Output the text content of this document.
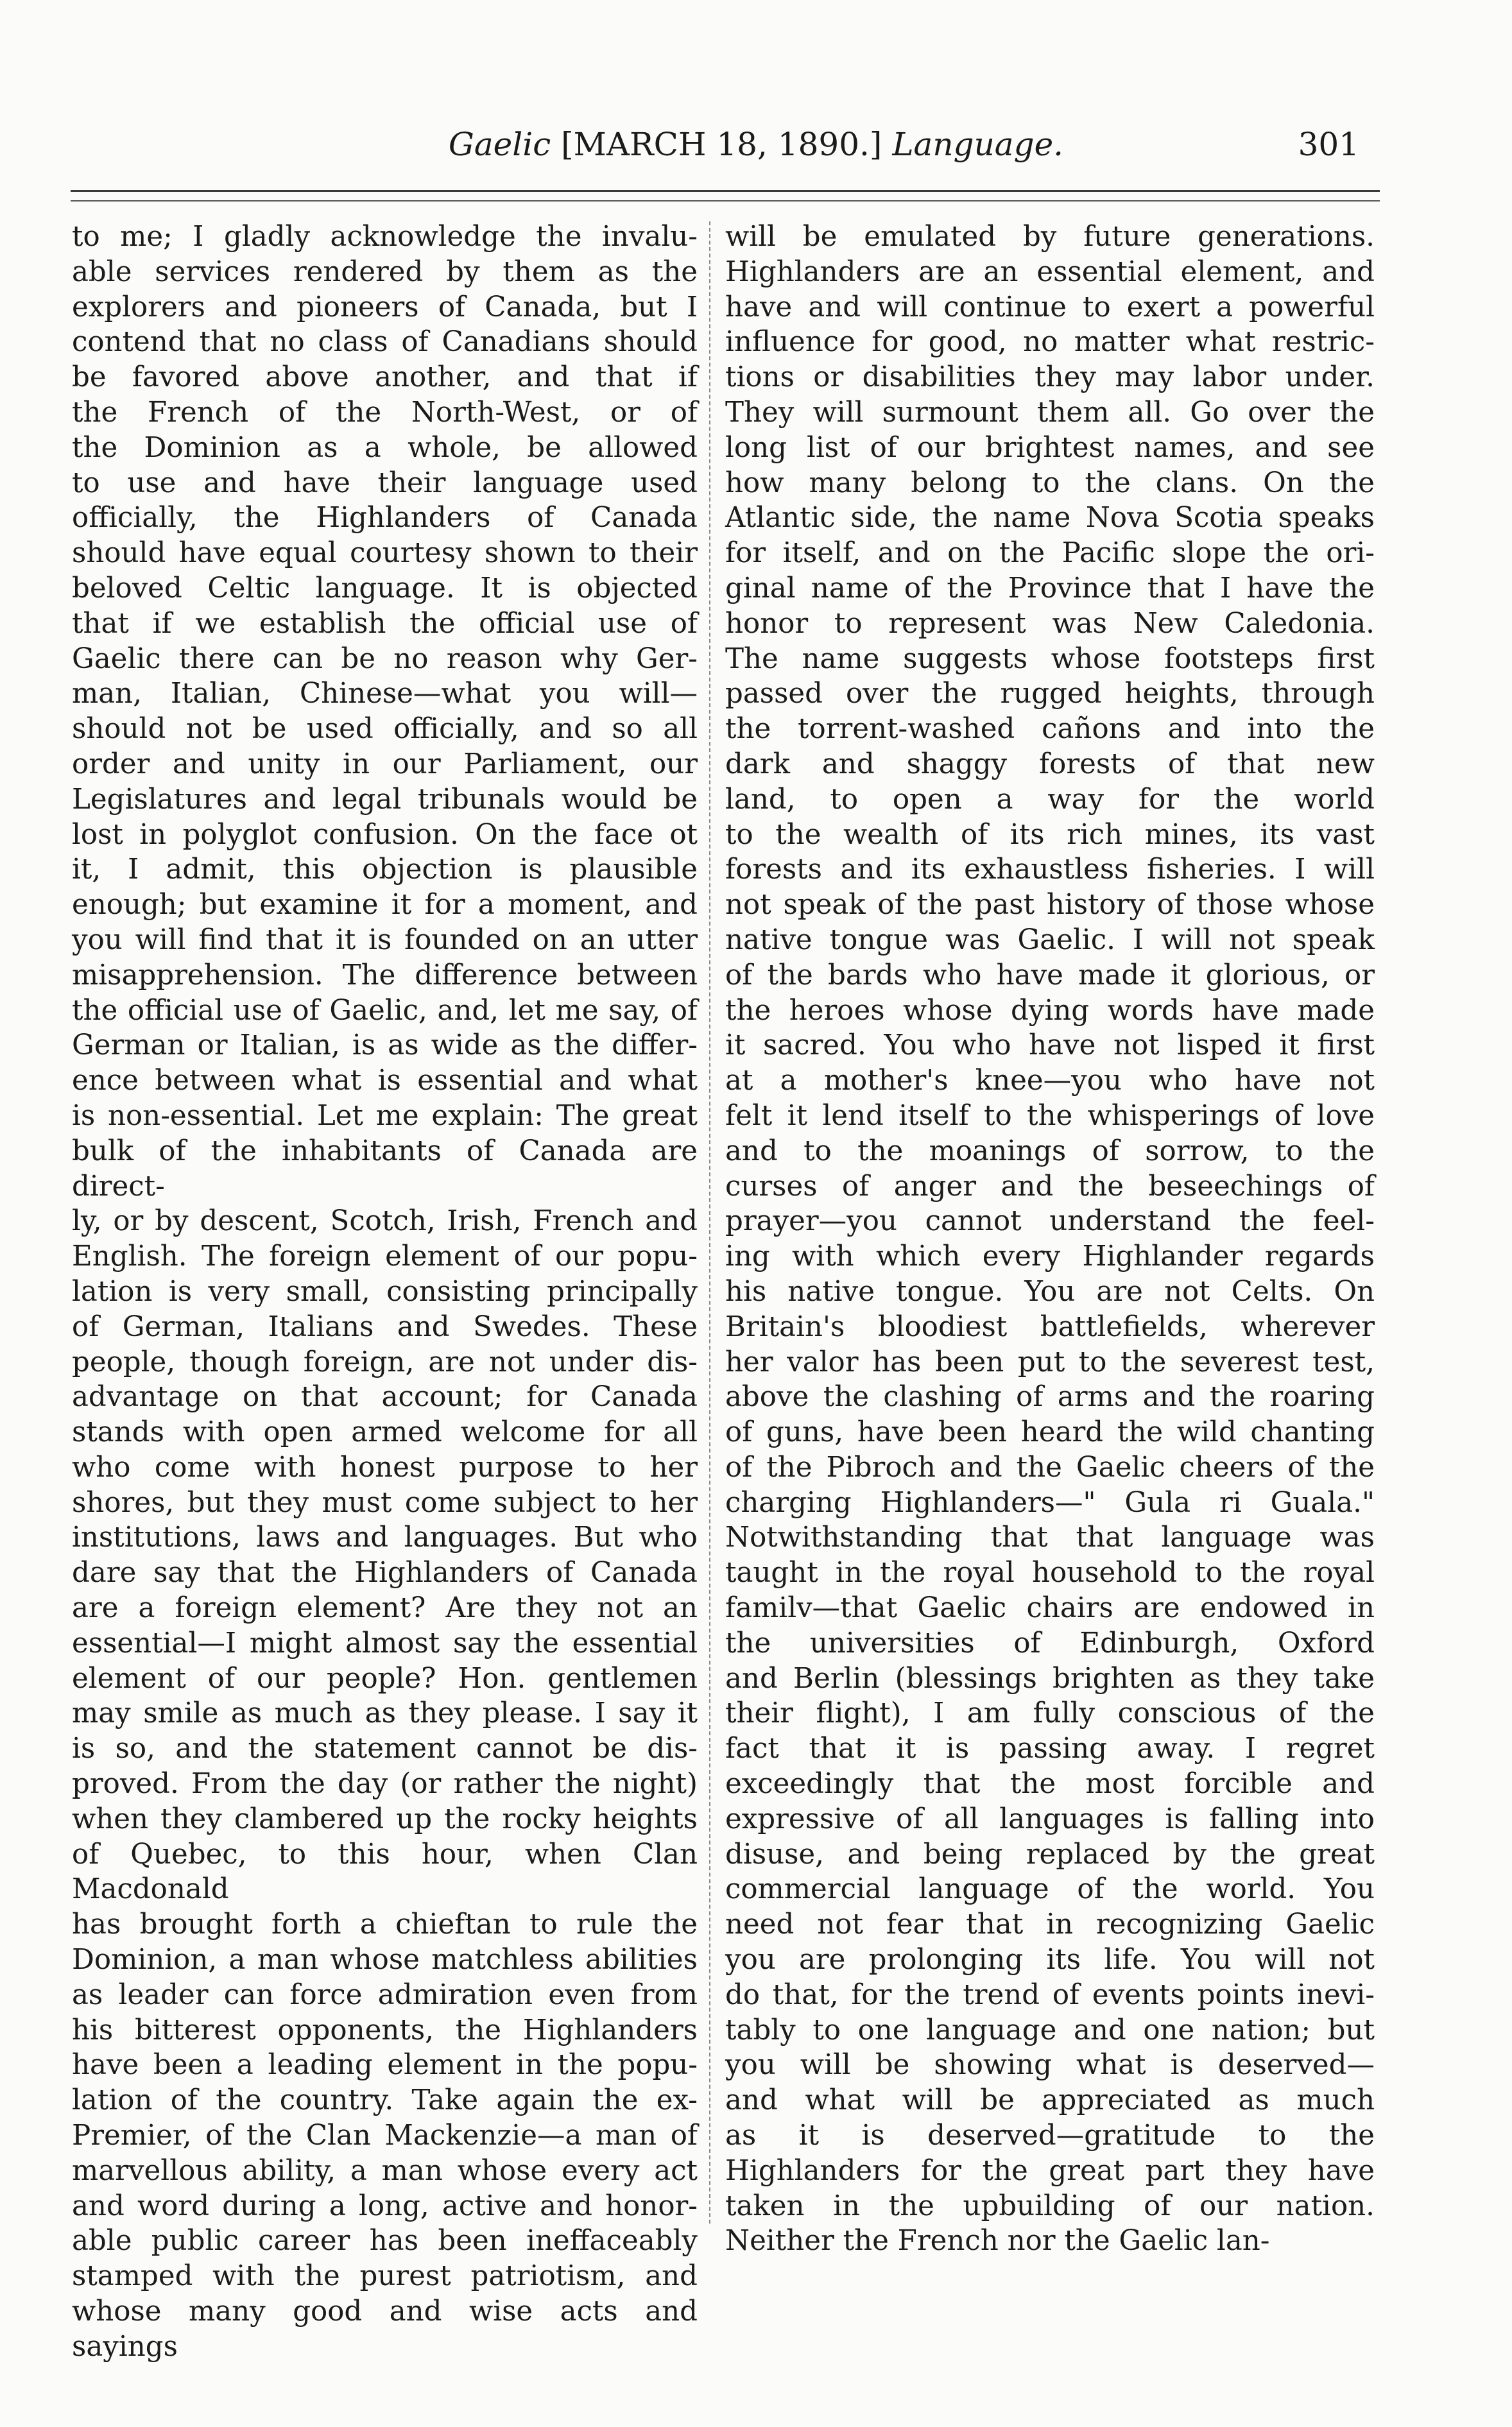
Gaelic [MARCH 18, 1890.] Language.	301

to me; I gladly acknowledge the invalu-

able services rendered by them as the

explorers and pioneers of Canada, but I

contend that no class of Canadians should

be favored above another, and that if

the French of the North-West, or of

the Dominion as a whole, be allowed

to use and have their language used

officially, the Highlanders of Canada

should have equal courtesy shown to their

beloved Celtic language. It is objected

that if we establish the official use of

Gaelic there can be no reason why Ger-

man, Italian, Chinese—what you will—

should not be used officially, and so all

order and unity in our Parliament, our

Legislatures and legal tribunals would be

lost in polyglot confusion. On the face ot

it, I admit, this objection is plausible

enough; but examine it for a moment, and

you will find that it is founded on an utter

misapprehension. The difference between

the official use of Gaelic, and, let me say, of

German or Italian, is as wide as the differ-

ence between what is essential and what

is non-essential. Let me explain: The great

bulk of the inhabitants of Canada are direct-

ly, or by descent, Scotch, Irish, French and

English. The foreign element of our popu-

lation is very small, consisting principally

of German, Italians and Swedes. These

people, though foreign, are not under dis-

advantage on that account; for Canada

stands with open armed welcome for all

who come with honest purpose to her

shores, but they must come subject to her

institutions, laws and languages. But who

dare say that the Highlanders of Canada

are a foreign element? Are they not an

essential—I might almost say the essential

element of our people? Hon. gentlemen

may smile as much as they please. I say it

is so, and the statement cannot be dis-

proved. From the day (or rather the night)

when they clambered up the rocky heights

of Quebec, to this hour, when Clan Macdonald

has brought forth a chieftan to rule the

Dominion, a man whose matchless abilities

as leader can force admiration even from

his bitterest opponents, the Highlanders

have been a leading element in the popu-

lation of the country. Take again the ex-

Premier, of the Clan Mackenzie—a man of

marvellous ability, a man whose every act

and word during a long, active and honor-

able public career has been ineffaceably

stamped with the purest patriotism, and

whose many good and wise acts and sayings

will be emulated by future generations.

Highlanders are an essential element, and

have and will continue to exert a powerful

influence for good, no matter what restric-

tions or disabilities they may labor under.

They will surmount them all. Go over the

long list of our brightest names, and see

how many belong to the clans. On the

Atlantic side, the name Nova Scotia speaks

for itself, and on the Pacific slope the ori-

ginal name of the Province that I have the

honor to represent was New Caledonia.

The name suggests whose footsteps first

passed over the rugged heights, through

the torrent-washed cañons and into the

dark and shaggy forests of that new

land, to open a way for the world

to the wealth of its rich mines, its vast

forests and its exhaustless fisheries. I will

not speak of the past history of those whose

native tongue was Gaelic. I will not speak

of the bards who have made it glorious, or

the heroes whose dying words have made

it sacred. You who have not lisped it first

at a mother's knee—you who have not

felt it lend itself to the whisperings of love

and to the moanings of sorrow, to the

curses of anger and the beseechings of

prayer—you cannot understand the feel-

ing with which every Highlander regards

his native tongue. You are not Celts. On

Britain's bloodiest battlefields, wherever

her valor has been put to the severest test,

above the clashing of arms and the roaring

of guns, have been heard the wild chanting

of the Pibroch and the Gaelic cheers of the

charging Highlanders—" Gula ri Guala."

Notwithstanding that that language was

taught in the royal household to the royal

familv—that Gaelic chairs are endowed in

the universities of Edinburgh, Oxford

and Berlin (blessings brighten as they take

their flight), I am fully conscious of the

fact that it is passing away. I regret

exceedingly that the most forcible and

expressive of all languages is falling into

disuse, and being replaced by the great

commercial language of the world. You

need not fear that in recognizing Gaelic

you are prolonging its life. You will not

do that, for the trend of events points inevi-

tably to one language and one nation; but

you will be showing what is deserved—

and what will be appreciated as much

as it is deserved—gratitude to the

Highlanders for the great part they have

taken in the upbuilding of our nation.

Neither the French nor the Gaelic lan-
